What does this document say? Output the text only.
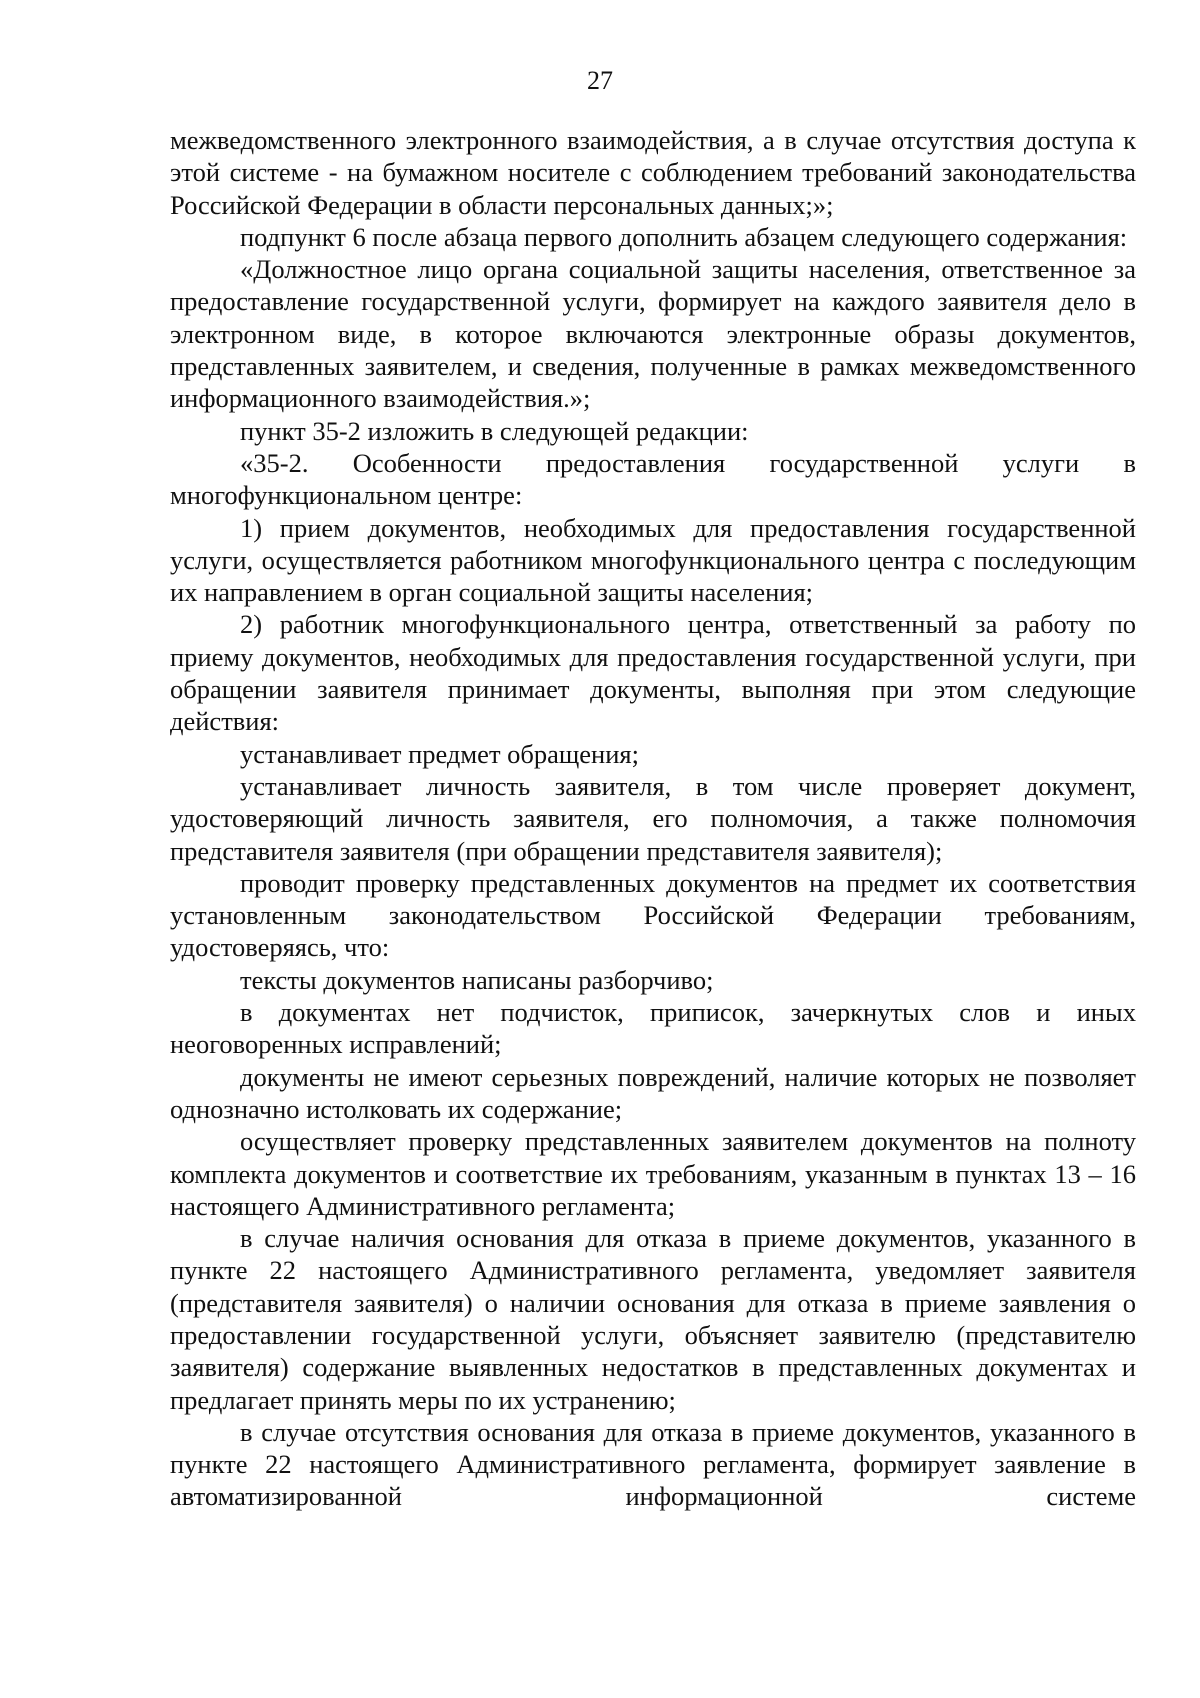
27

межведомственного электронного взаимодействия, а в случае отсутствия доступа к этой системе - на бумажном носителе с соблюдением требований законодательства Российской Федерации в области персональных данных;»;

подпункт 6 после абзаца первого дополнить абзацем следующего содержания:

«Должностное лицо органа социальной защиты населения, ответственное за предоставление государственной услуги, формирует на каждого заявителя дело в электронном виде, в которое включаются электронные образы документов, представленных заявителем, и сведения, полученные в рамках межведомственного информационного взаимодействия.»;

пункт 35-2 изложить в следующей редакции:

«35-2. Особенности предоставления государственной услуги в многофункциональном центре:

1) прием документов, необходимых для предоставления государственной услуги, осуществляется работником многофункционального центра с последующим их направлением в орган социальной защиты населения;

2) работник многофункционального центра, ответственный за работу по приему документов, необходимых для предоставления государственной услуги, при обращении заявителя принимает документы, выполняя при этом следующие действия:

устанавливает предмет обращения;

устанавливает личность заявителя, в том числе проверяет документ, удостоверяющий личность заявителя, его полномочия, а также полномочия представителя заявителя (при обращении представителя заявителя);

проводит проверку представленных документов на предмет их соответствия установленным законодательством Российской Федерации требованиям, удостоверяясь, что:

тексты документов написаны разборчиво;

в документах нет подчисток, приписок, зачеркнутых слов и иных неоговоренных исправлений;

документы не имеют серьезных повреждений, наличие которых не позволяет однозначно истолковать их содержание;

осуществляет проверку представленных заявителем документов на полноту комплекта документов и соответствие их требованиям, указанным в пунктах 13 – 16 настоящего Административного регламента;

в случае наличия основания для отказа в приеме документов, указанного в пункте 22 настоящего Административного регламента, уведомляет заявителя (представителя заявителя) о наличии основания для отказа в приеме заявления о предоставлении государственной услуги, объясняет заявителю (представителю заявителя) содержание выявленных недостатков в представленных документах и предлагает принять меры по их устранению;

в случае отсутствия основания для отказа в приеме документов, указанного в пункте 22 настоящего Административного регламента, формирует заявление в автоматизированной информационной системе
